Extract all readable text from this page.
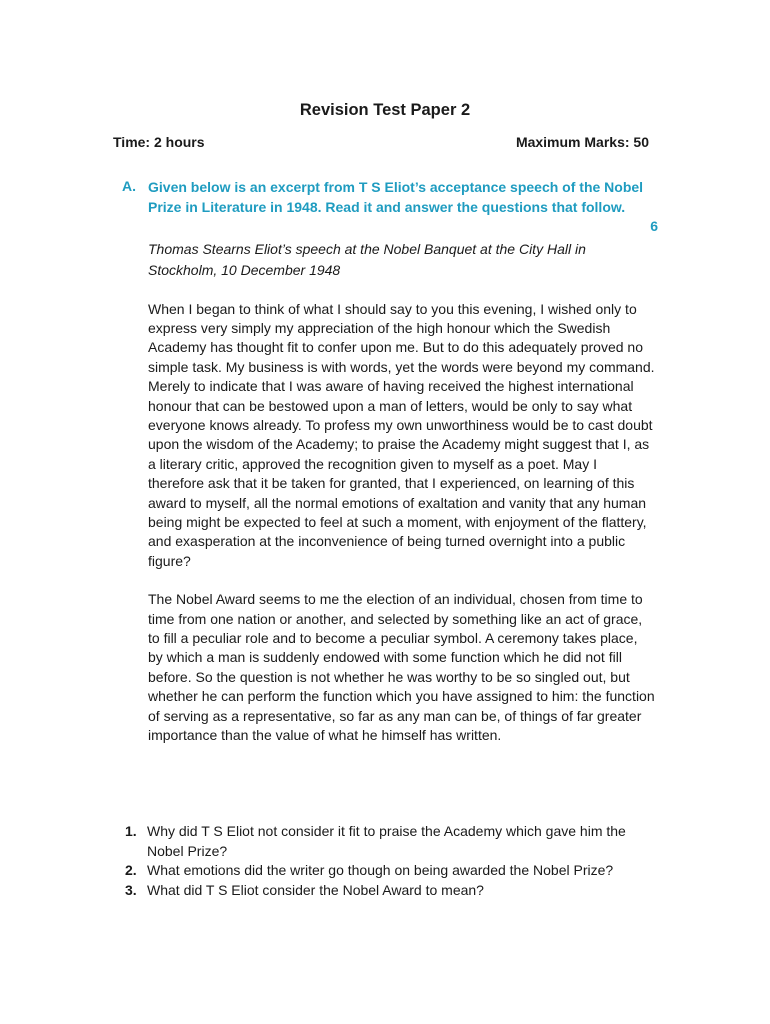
Revision Test Paper 2
Time: 2 hours	Maximum Marks: 50
A. Given below is an excerpt from T S Eliot’s acceptance speech of the Nobel Prize in Literature in 1948. Read it and answer the questions that follow.
6
Thomas Stearns Eliot’s speech at the Nobel Banquet at the City Hall in Stockholm, 10 December 1948

When I began to think of what I should say to you this evening, I wished only to express very simply my appreciation of the high honour which the Swedish Academy has thought fit to confer upon me. But to do this adequately proved no simple task. My business is with words, yet the words were beyond my command. Merely to indicate that I was aware of having received the highest international honour that can be bestowed upon a man of letters, would be only to say what everyone knows already. To profess my own unworthiness would be to cast doubt upon the wisdom of the Academy; to praise the Academy might suggest that I, as a literary critic, approved the recognition given to myself as a poet. May I therefore ask that it be taken for granted, that I experienced, on learning of this award to myself, all the normal emotions of exaltation and vanity that any human being might be expected to feel at such a moment, with enjoyment of the flattery, and exasperation at the inconvenience of being turned overnight into a public figure?

The Nobel Award seems to me the election of an individual, chosen from time to time from one nation or another, and selected by something like an act of grace, to fill a peculiar role and to become a peculiar symbol. A ceremony takes place, by which a man is suddenly endowed with some function which he did not fill before. So the question is not whether he was worthy to be so singled out, but whether he can perform the function which you have assigned to him: the function of serving as a representative, so far as any man can be, of things of far greater importance than the value of what he himself has written.

1. Why did T S Eliot not consider it fit to praise the Academy which gave him the Nobel Prize?
2. What emotions did the writer go though on being awarded the Nobel Prize?
3. What did T S Eliot consider the Nobel Award to mean?
